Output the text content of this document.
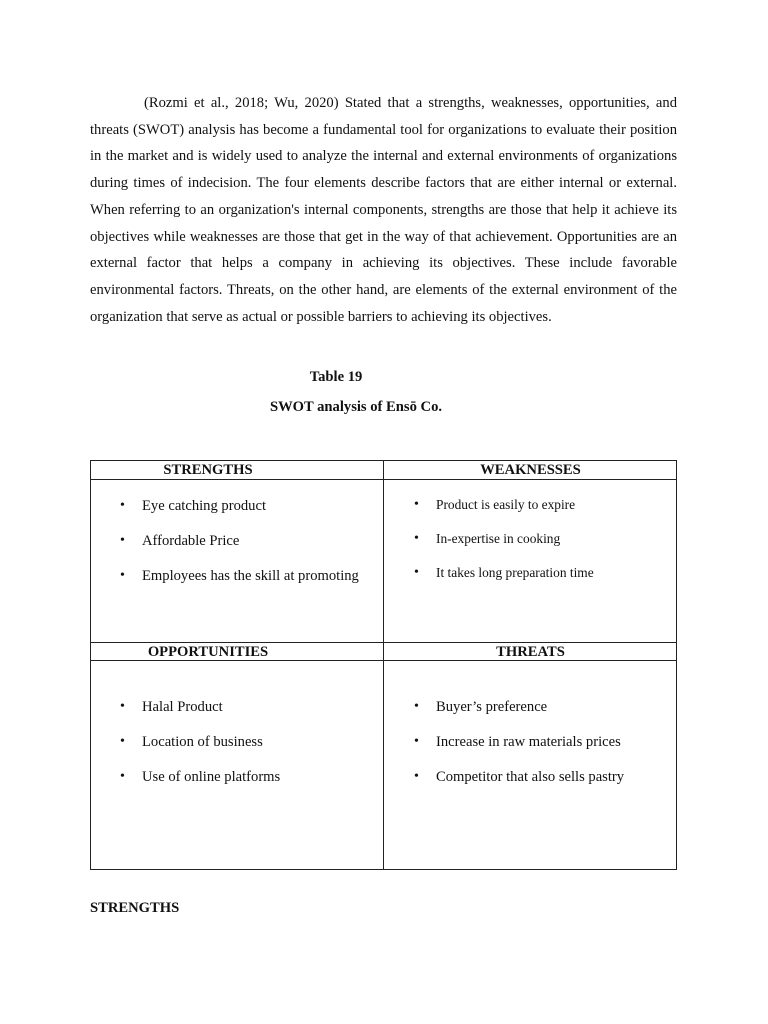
(Rozmi et al., 2018; Wu, 2020) Stated that a strengths, weaknesses, opportunities, and threats (SWOT) analysis has become a fundamental tool for organizations to evaluate their position in the market and is widely used to analyze the internal and external environments of organizations during times of indecision. The four elements describe factors that are either internal or external. When referring to an organization's internal components, strengths are those that help it achieve its objectives while weaknesses are those that get in the way of that achievement. Opportunities are an external factor that helps a company in achieving its objectives. These include favorable environmental factors. Threats, on the other hand, are elements of the external environment of the organization that serve as actual or possible barriers to achieving its objectives.

Table 19

SWOT analysis of Ensō Co.

STRENGTHS	WEAKNESSES
OPPORTUNITIES	THREATS
• Eye catching product
• Affordable Price
• Employees has the skill at promoting
• Product is easily to expire
• In-expertise in cooking
• It takes long preparation time
• Halal Product
• Location of business
• Use of online platforms
• Buyer’s preference
• Increase in raw materials prices
• Competitor that also sells pastry

STRENGTHS
